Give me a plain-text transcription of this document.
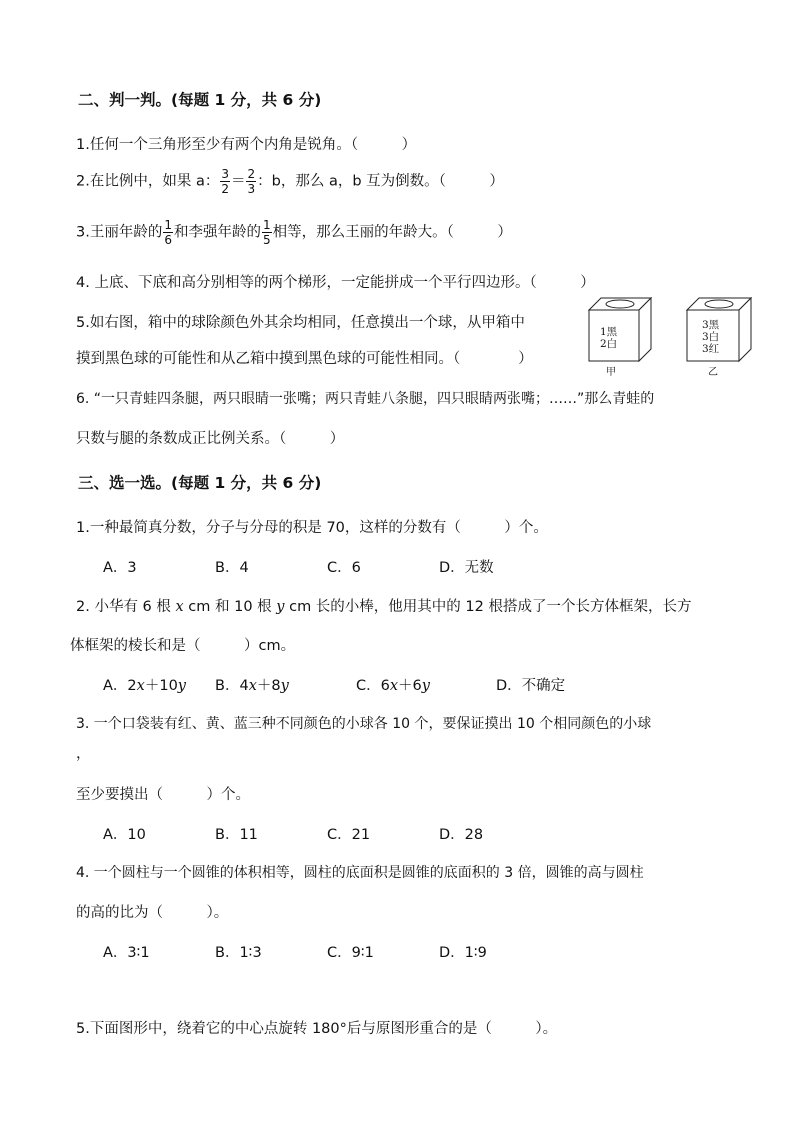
二、判一判。(每题 1 分，共 6 分)
1.任何一个三角形至少有两个内角是锐角。（　　　）
2.在比例中，如果 a： $\frac{3}{2} = \frac{2}{3}$ ：b，那么 a，b 互为倒数。（　　　）
3.王丽年龄的 $\frac{1}{6}$ 和李强年龄的 $\frac{1}{5}$ 相等，那么王丽的年龄大。（　　　）
4. 上底、下底和高分别相等的两个梯形，一定能拼成一个平行四边形。（　　　）
5.如右图，箱中的球除颜色外其余均相同，任意摸出一个球，从甲箱中
摸到黑色球的可能性和从乙箱中摸到黑色球的可能性相同。（　　　　）
1黑
2白
甲
3黑
3白
3红
乙
6. “一只青蛙四条腿，两只眼睛一张嘴；两只青蛙八条腿，四只眼睛两张嘴；……”那么青蛙的
只数与腿的条数成正比例关系。（　　　）
三、选一选。(每题 1 分，共 6 分)
1.一种最简真分数，分子与分母的积是 70，这样的分数有（　　　）个。
A．3	B．4	C．6	D．无数
2. 小华有 6 根 x cm 和 10 根 y cm 长的小棒，他用其中的 12 根搭成了一个长方体框架，长方
体框架的棱长和是（　　　）cm。
A．2x＋10y B．4x＋8y	C．6x＋6y	D．不确定
3. 一个口袋装有红、黄、蓝三种不同颜色的小球各 10 个，要保证摸出 10 个相同颜色的小球
，
至少要摸出（　　　）个。
A．10	B．11	C．21	D．28
4. 一个圆柱与一个圆锥的体积相等，圆柱的底面积是圆锥的底面积的 3 倍，圆锥的高与圆柱
的高的比为（　　　）。
A．3∶1	B．1∶3	C．9∶1	D．1∶9
5.下面图形中，绕着它的中心点旋转 180°后与原图形重合的是（　　　）。
